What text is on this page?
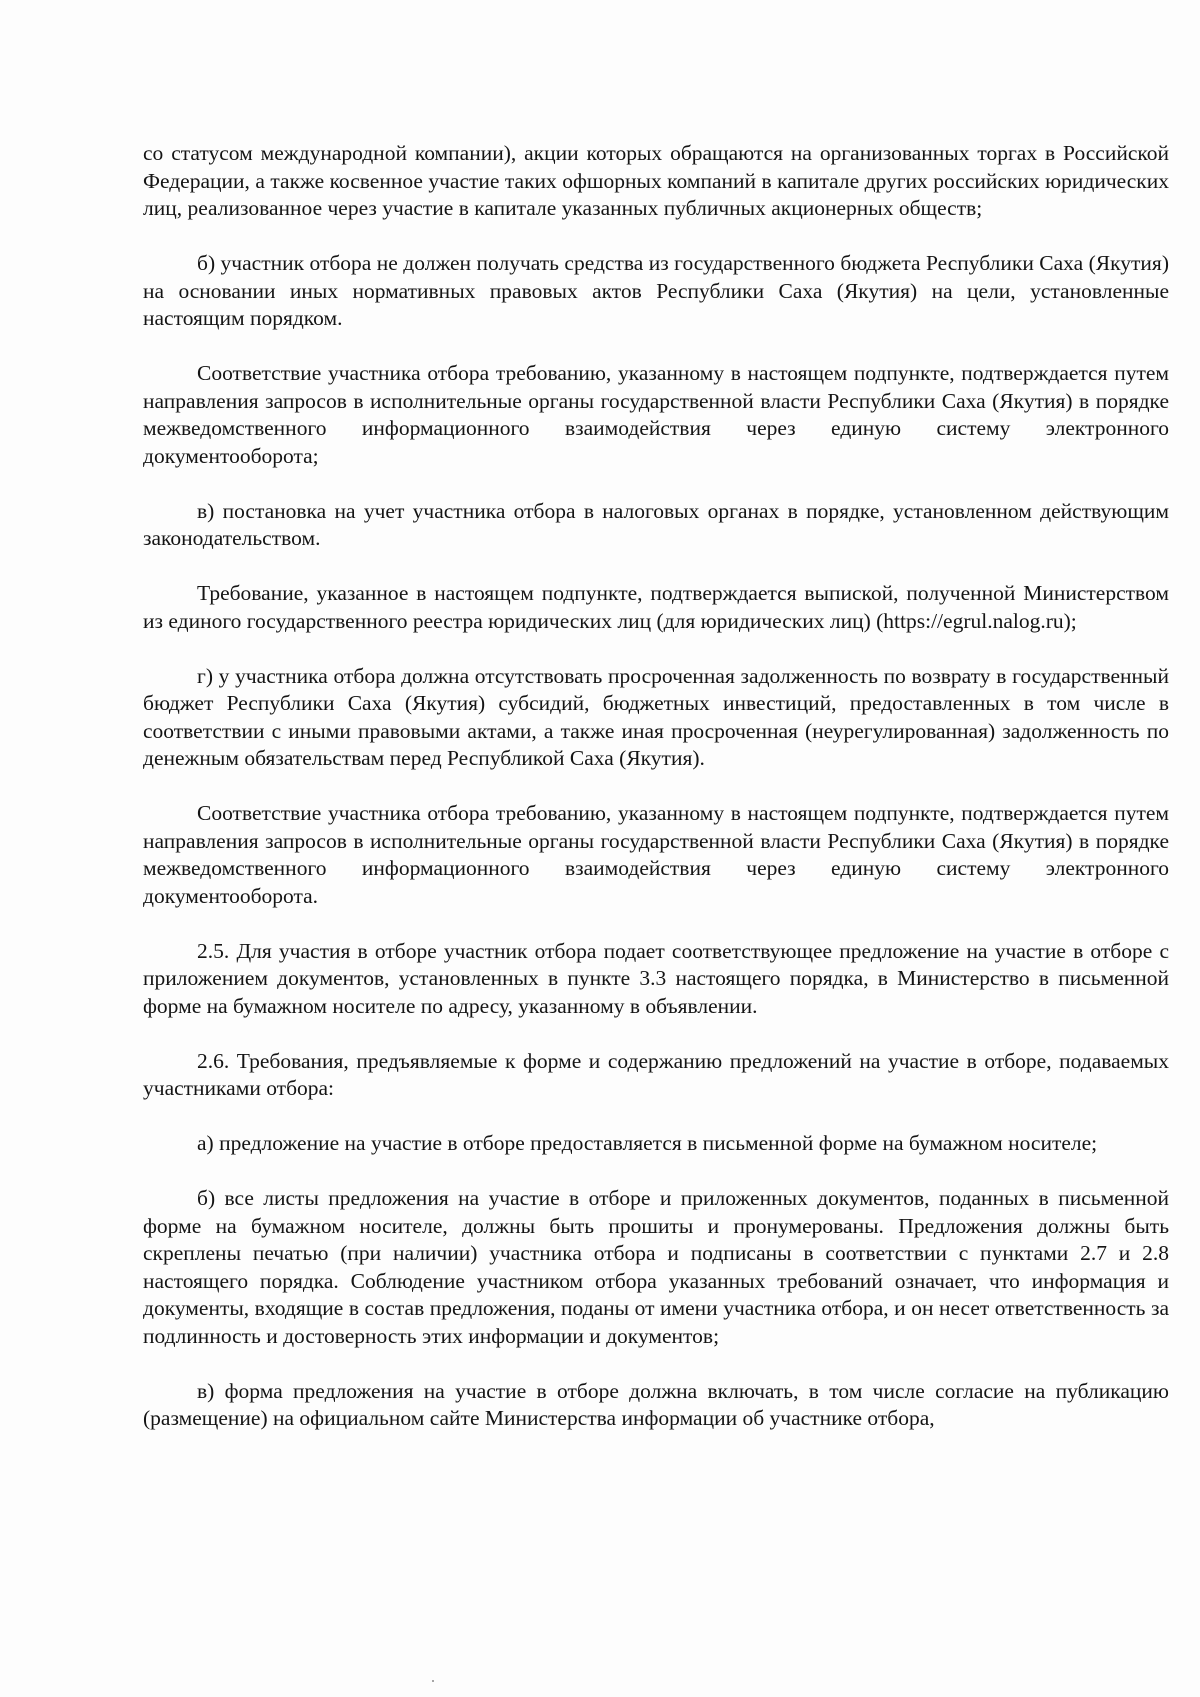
со статусом международной компании), акции которых обращаются на организованных торгах в Российской Федерации, а также косвенное участие таких офшорных компаний в капитале других российских юридических лиц, реализованное через участие в капитале указанных публичных акционерных обществ;

б) участник отбора не должен получать средства из государственного бюджета Республики Саха (Якутия) на основании иных нормативных правовых актов Республики Саха (Якутия) на цели, установленные настоящим порядком.

Соответствие участника отбора требованию, указанному в настоящем подпункте, подтверждается путем направления запросов в исполнительные органы государственной власти Республики Саха (Якутия) в порядке межведомственного информационного взаимодействия через единую систему электронного документооборота;

в) постановка на учет участника отбора в налоговых органах в порядке, установленном действующим законодательством.

Требование, указанное в настоящем подпункте, подтверждается выпиской, полученной Министерством из единого государственного реестра юридических лиц (для юридических лиц) (https://egrul.nalog.ru);

г) у участника отбора должна отсутствовать просроченная задолженность по возврату в государственный бюджет Республики Саха (Якутия) субсидий, бюджетных инвестиций, предоставленных в том числе в соответствии с иными правовыми актами, а также иная просроченная (неурегулированная) задолженность по денежным обязательствам перед Республикой Саха (Якутия).

Соответствие участника отбора требованию, указанному в настоящем подпункте, подтверждается путем направления запросов в исполнительные органы государственной власти Республики Саха (Якутия) в порядке межведомственного информационного взаимодействия через единую систему электронного документооборота.

2.5. Для участия в отборе участник отбора подает соответствующее предложение на участие в отборе с приложением документов, установленных в пункте 3.3 настоящего порядка, в Министерство в письменной форме на бумажном носителе по адресу, указанному в объявлении.

2.6. Требования, предъявляемые к форме и содержанию предложений на участие в отборе, подаваемых участниками отбора:

а) предложение на участие в отборе предоставляется в письменной форме на бумажном носителе;

б) все листы предложения на участие в отборе и приложенных документов, поданных в письменной форме на бумажном носителе, должны быть прошиты и пронумерованы. Предложения должны быть скреплены печатью (при наличии) участника отбора и подписаны в соответствии с пунктами 2.7 и 2.8 настоящего порядка. Соблюдение участником отбора указанных требований означает, что информация и документы, входящие в состав предложения, поданы от имени участника отбора, и он несет ответственность за подлинность и достоверность этих информации и документов;

в) форма предложения на участие в отборе должна включать, в том числе согласие на публикацию (размещение) на официальном сайте Министерства информации об участнике отбора,
